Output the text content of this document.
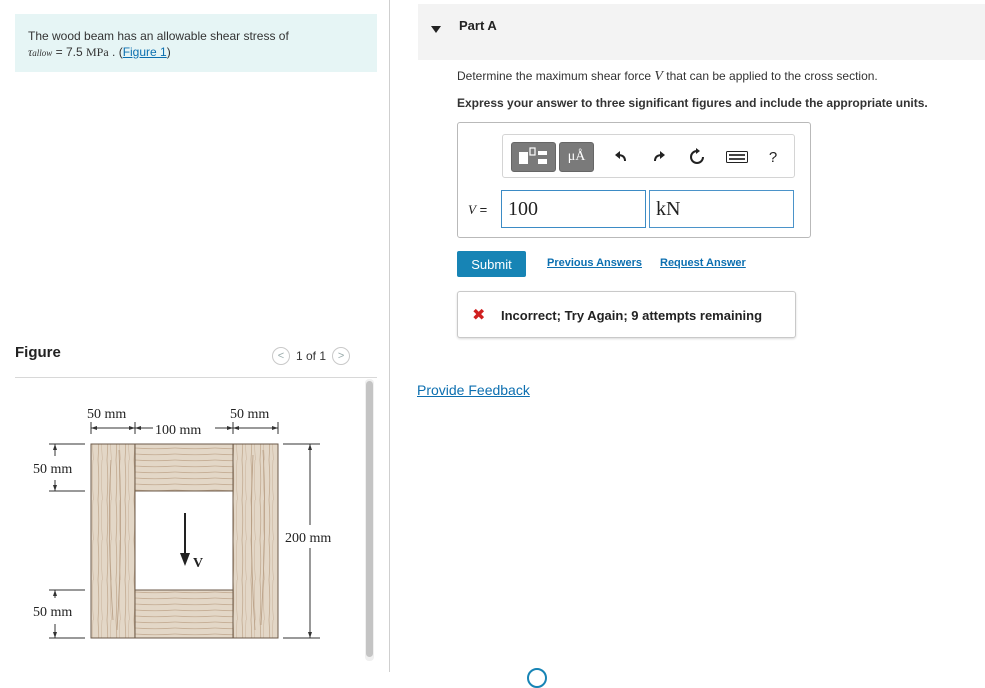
The wood beam has an allowable shear stress of
τallow = 7.5 MPa . (Figure 1)
Figure	< 1 of 1 >
50 mm	50 mm
100 mm
50 mm
50 mm
200 mm
V
Part A
Determine the maximum shear force V that can be applied to the cross section.
Express your answer to three significant figures and include the appropriate units.
μÅ	?
V =	100	kN
Submit	Previous Answers Request Answer
✖ Incorrect; Try Again; 9 attempts remaining
Provide Feedback
